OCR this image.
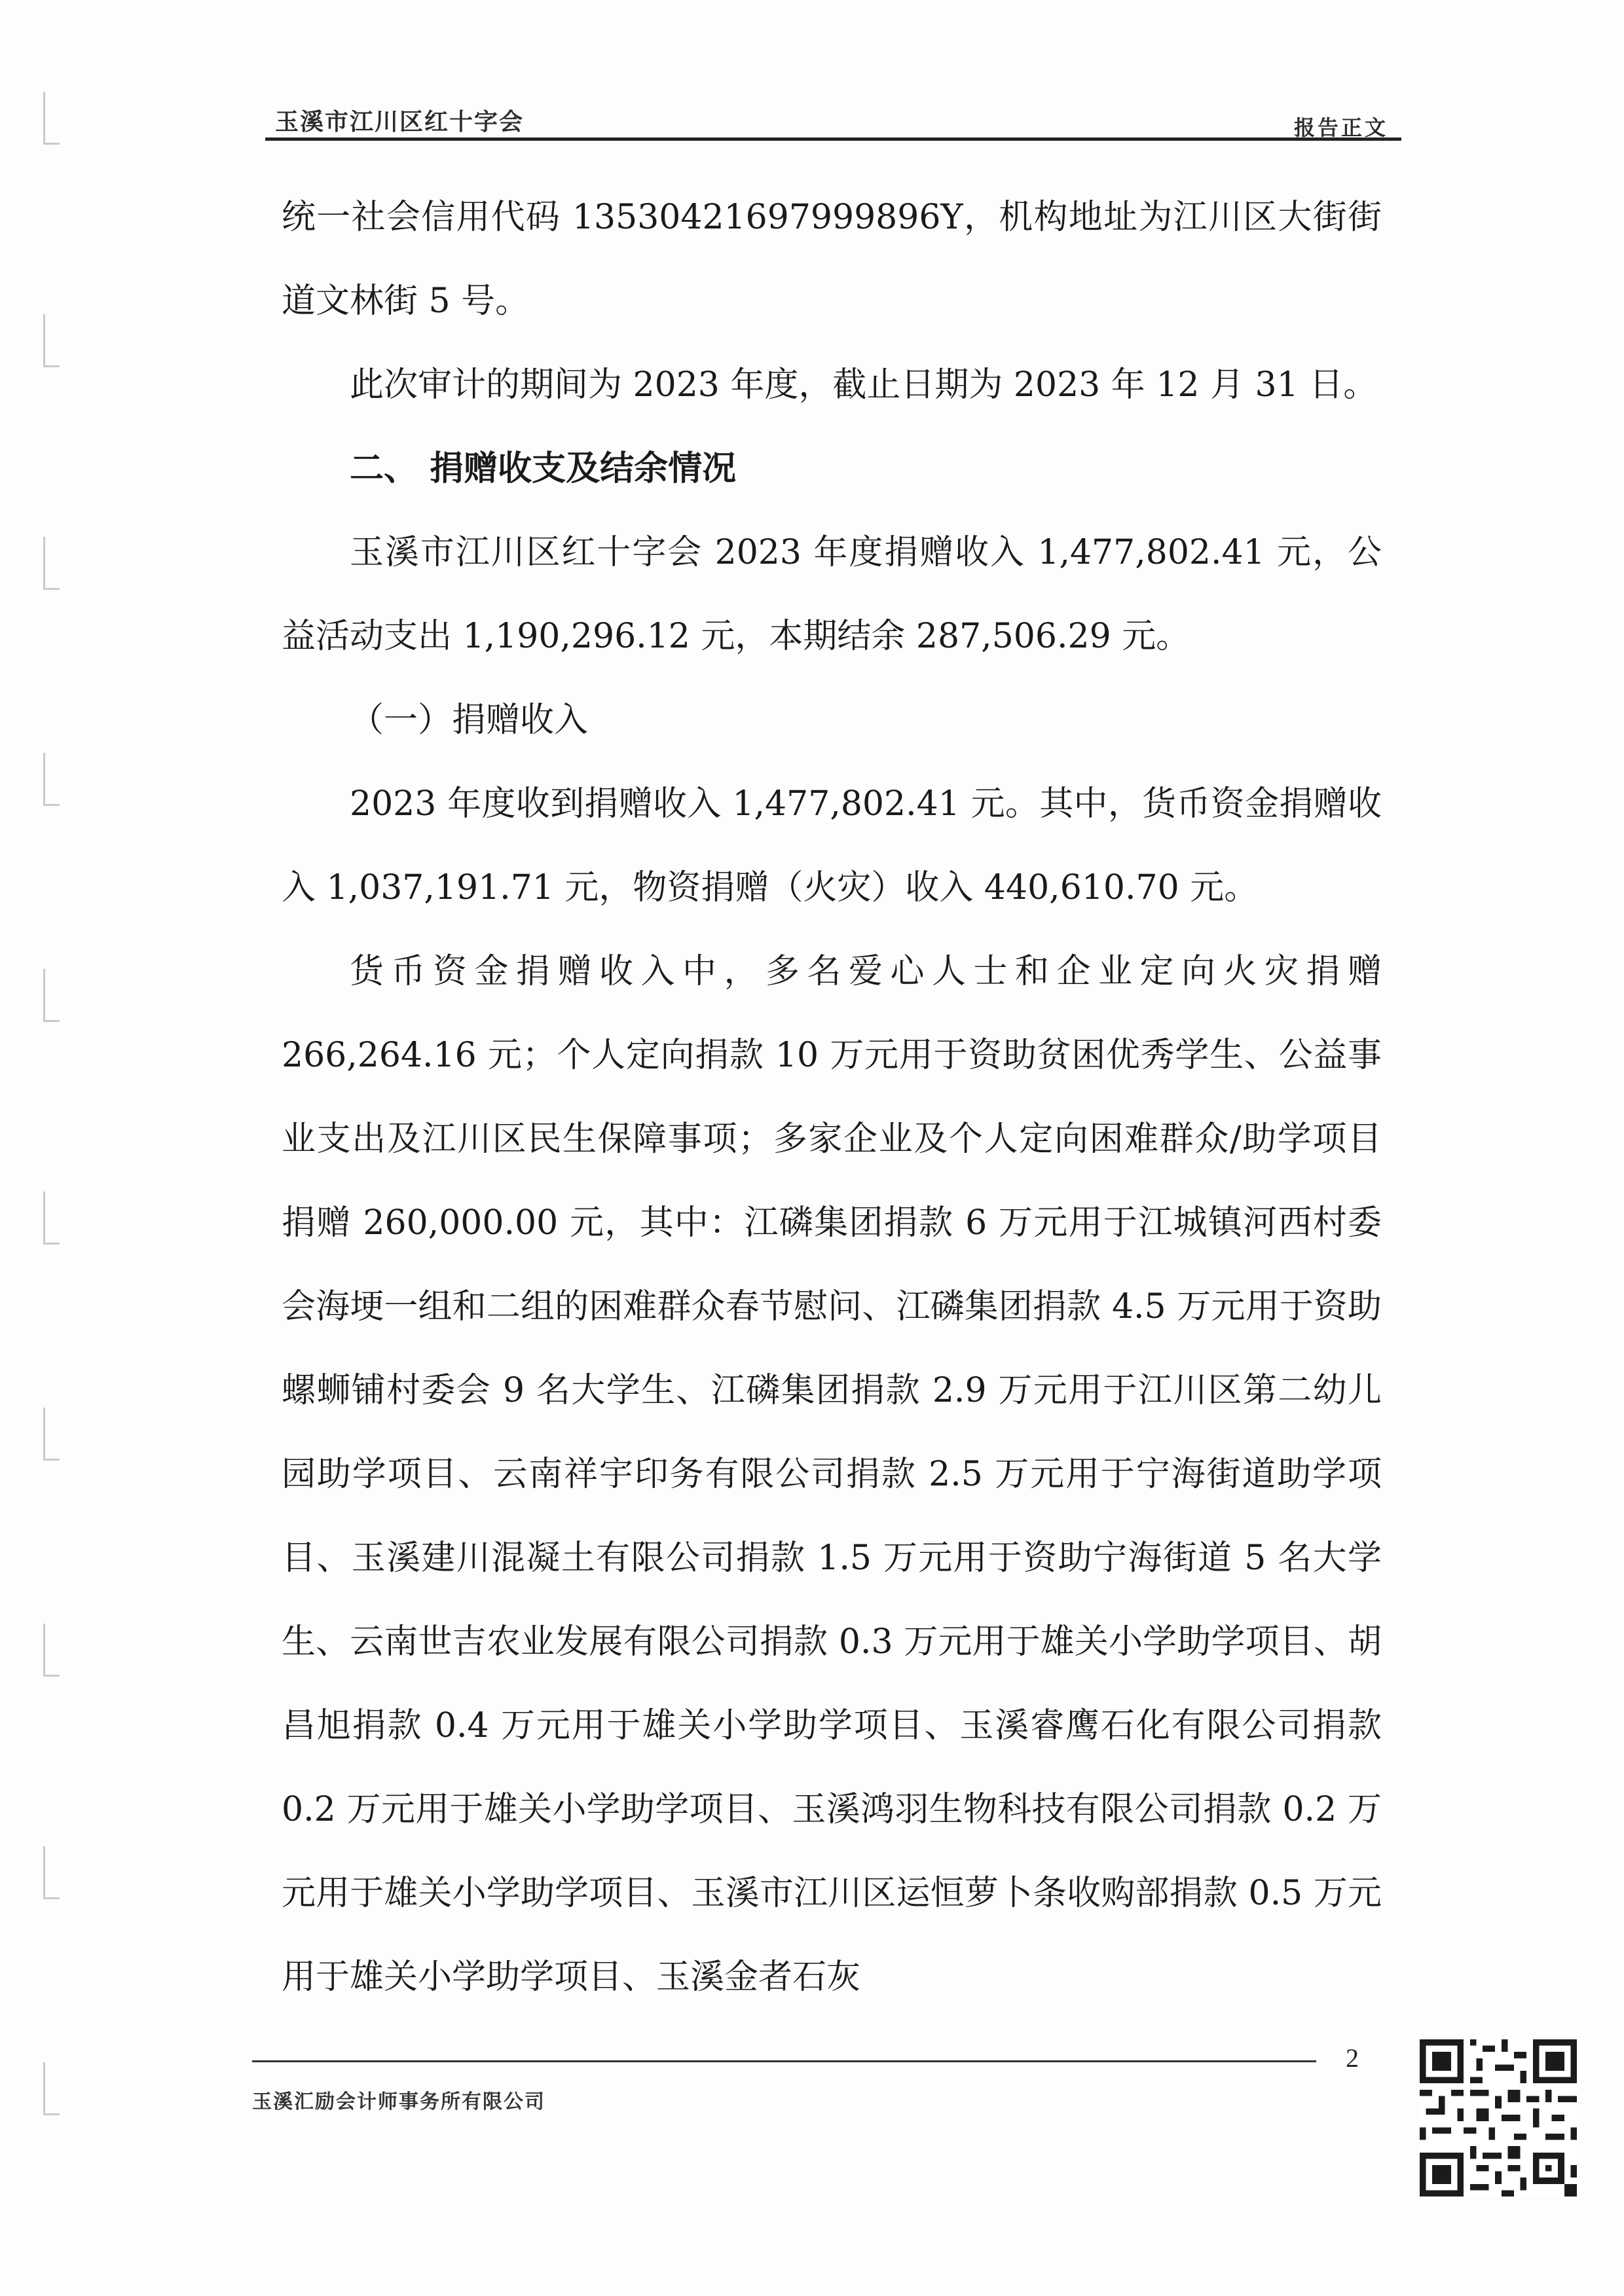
玉溪市江川区红十字会	报告正文

统一社会信用代码 13530421697999896Y，机构地址为江川区大街街道文林街 5 号。

此次审计的期间为 2023 年度，截止日期为 2023 年 12 月 31 日。

二、 捐赠收支及结余情况

玉溪市江川区红十字会 2023 年度捐赠收入 1,477,802.41 元，公益活动支出 1,190,296.12 元，本期结余 287,506.29 元。

（一）捐赠收入

2023 年度收到捐赠收入 1,477,802.41 元。其中，货币资金捐赠收入 1,037,191.71 元，物资捐赠（火灾）收入 440,610.70 元。

货币资金捐赠收入中，多名爱心人士和企业定向火灾捐赠 266,264.16 元；个人定向捐款 10 万元用于资助贫困优秀学生、公益事业支出及江川区民生保障事项；多家企业及个人定向困难群众/助学项目捐赠 260,000.00 元，其中：江磷集团捐款 6 万元用于江城镇河西村委会海埂一组和二组的困难群众春节慰问、江磷集团捐款 4.5 万元用于资助螺蛳铺村委会 9 名大学生、江磷集团捐款 2.9 万元用于江川区第二幼儿园助学项目、云南祥宇印务有限公司捐款 2.5 万元用于宁海街道助学项目、玉溪建川混凝土有限公司捐款 1.5 万元用于资助宁海街道 5 名大学生、云南世吉农业发展有限公司捐款 0.3 万元用于雄关小学助学项目、胡昌旭捐款 0.4 万元用于雄关小学助学项目、玉溪睿鹰石化有限公司捐款 0.2 万元用于雄关小学助学项目、玉溪鸿羽生物科技有限公司捐款 0.2 万元用于雄关小学助学项目、玉溪市江川区运恒萝卜条收购部捐款 0.5 万元用于雄关小学助学项目、玉溪金者石灰

2
玉溪汇励会计师事务所有限公司
